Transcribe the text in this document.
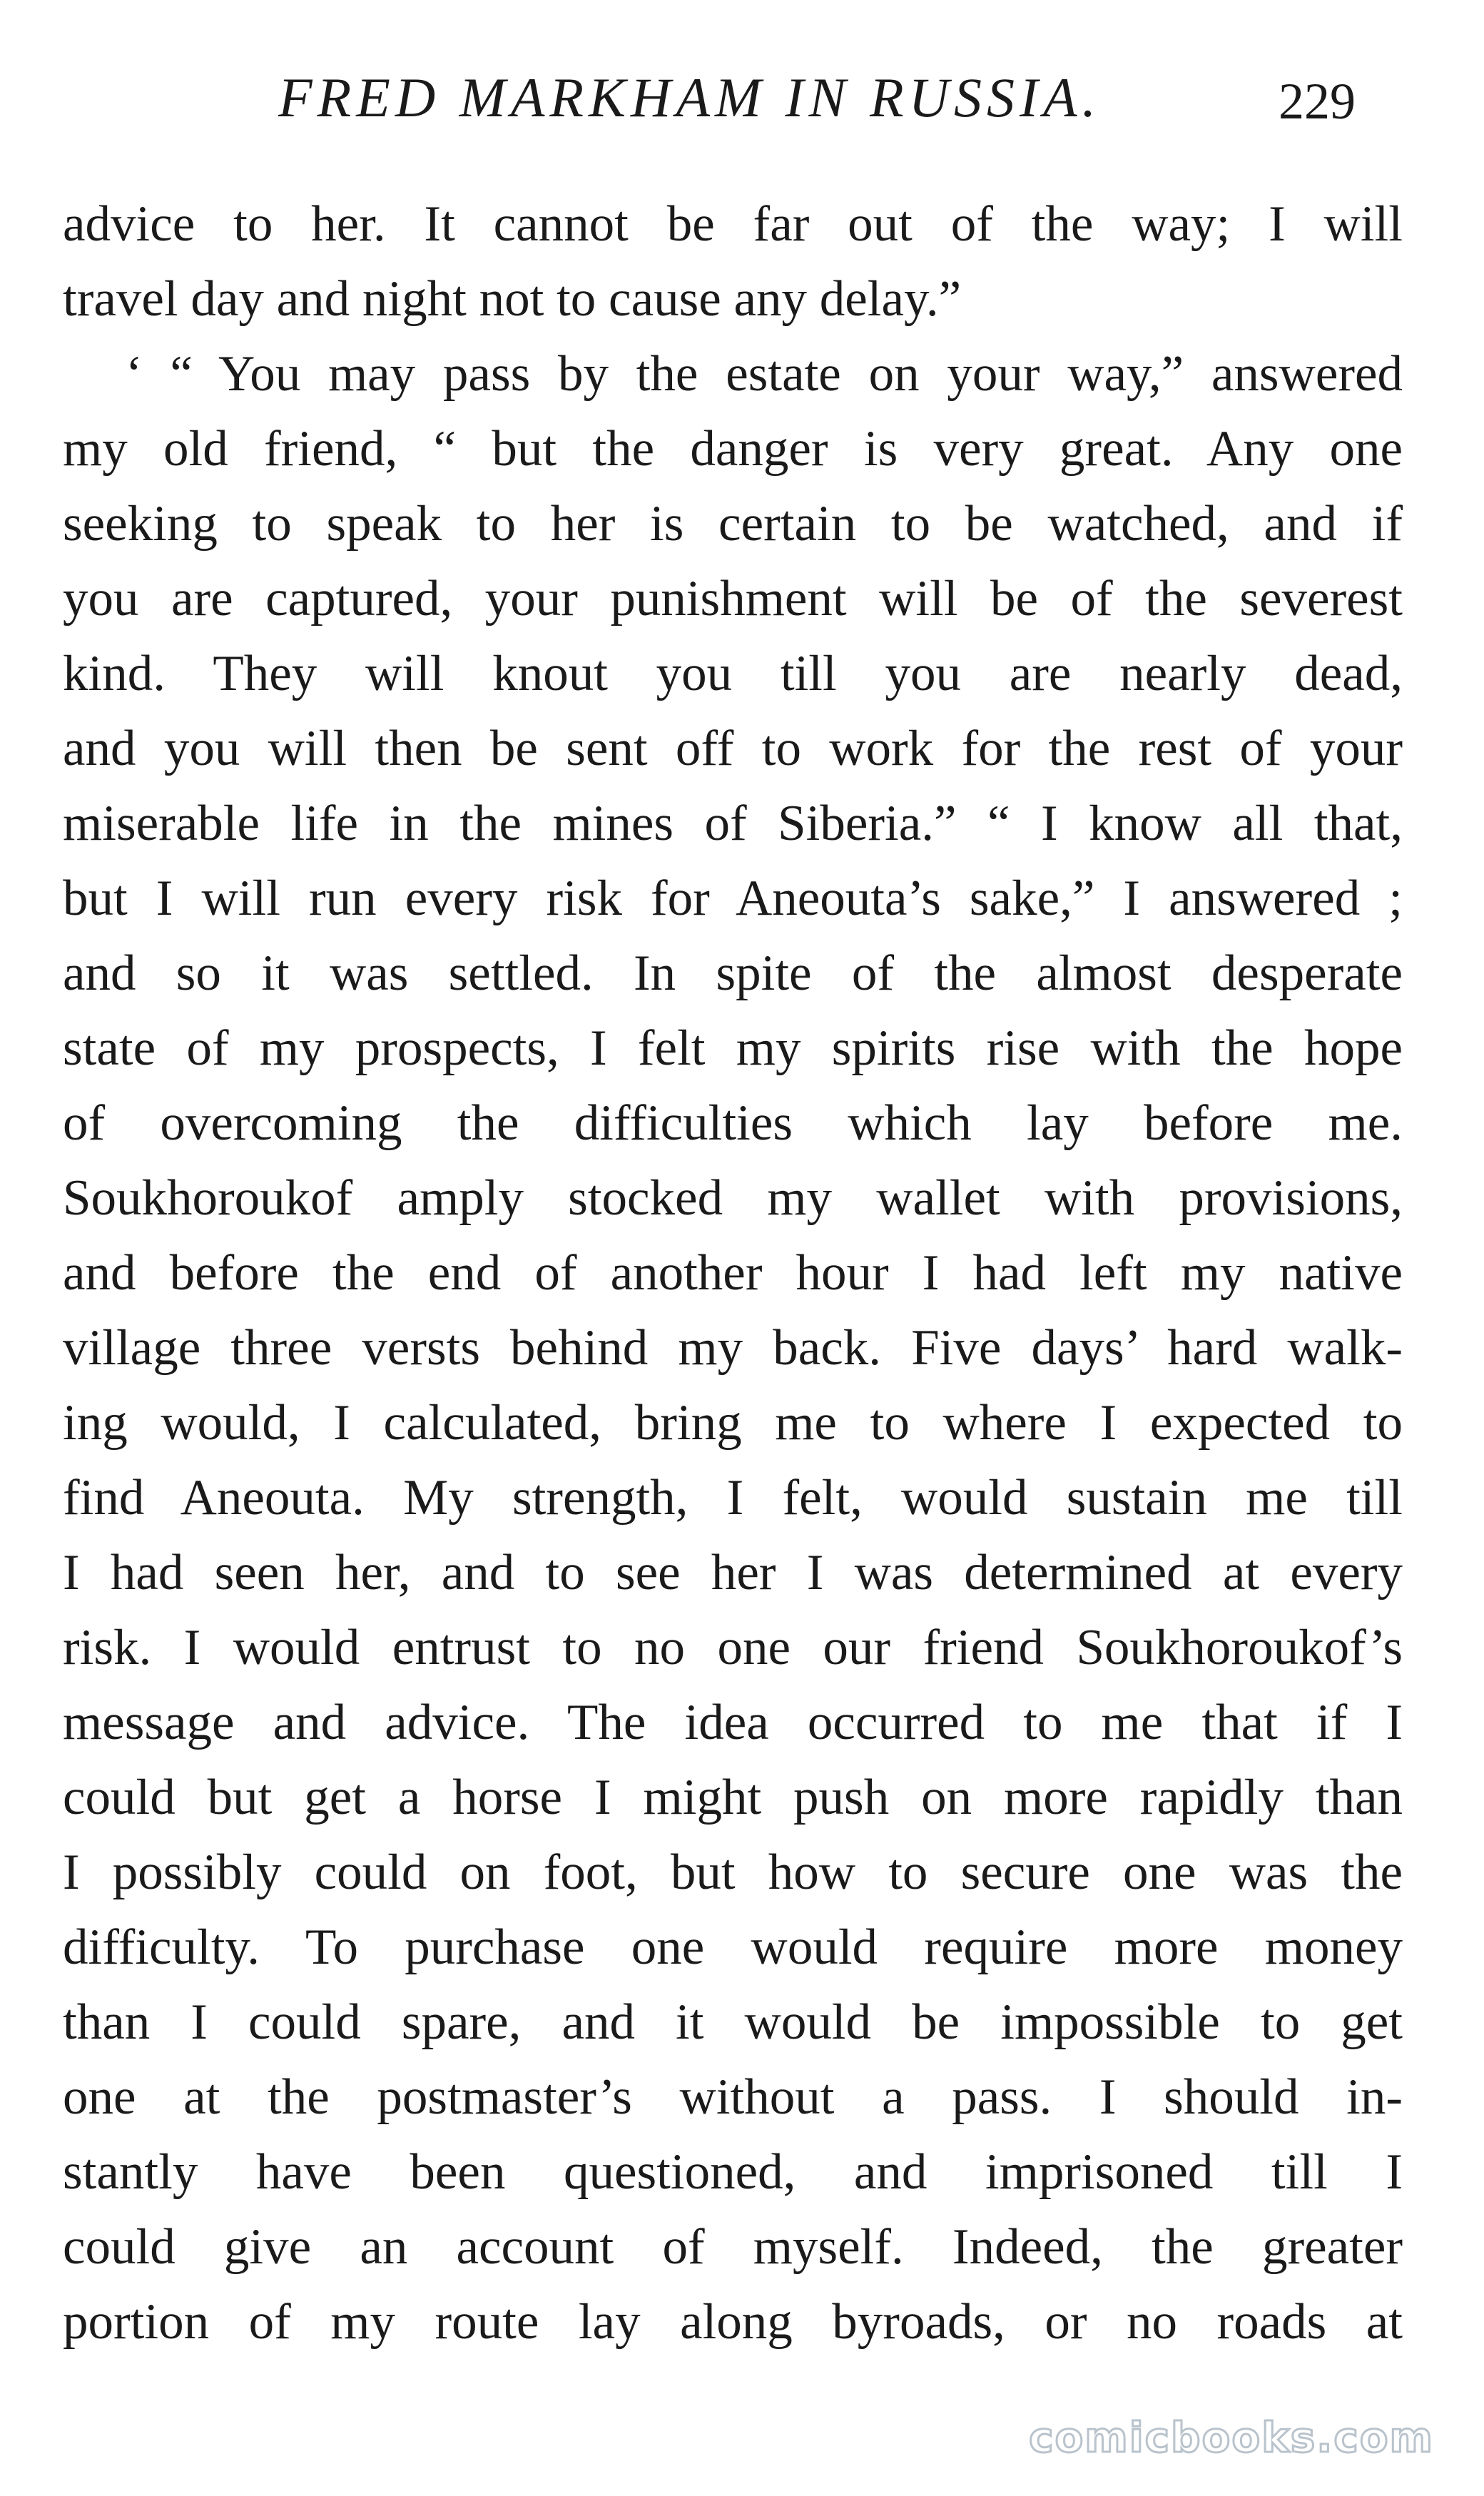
FRED MARKHAM IN RUSSIA.	229
advice to her. It cannot be far out of the way; I will
travel day and night not to cause any delay.”
‘ “ You may pass by the estate on your way,” answered
my old friend, “ but the danger is very great. Any one
seeking to speak to her is certain to be watched, and if
you are captured, your punishment will be of the severest
kind. They will knout you till you are nearly dead,
and you will then be sent off to work for the rest of your
miserable life in the mines of Siberia.” “ I know all that,
but I will run every risk for Aneouta’s sake,” I answered ;
and so it was settled. In spite of the almost desperate
state of my prospects, I felt my spirits rise with the hope
of overcoming the difficulties which lay before me.
Soukhoroukof amply stocked my wallet with provisions,
and before the end of another hour I had left my native
village three versts behind my back. Five days’ hard walk-
ing would, I calculated, bring me to where I expected to
find Aneouta. My strength, I felt, would sustain me till
I had seen her, and to see her I was determined at every
risk. I would entrust to no one our friend Soukhoroukof’s
message and advice. The idea occurred to me that if I
could but get a horse I might push on more rapidly than
I possibly could on foot, but how to secure one was the
difficulty. To purchase one would require more money
than I could spare, and it would be impossible to get
one at the postmaster’s without a pass. I should in-
stantly have been questioned, and imprisoned till I
could give an account of myself. Indeed, the greater
portion of my route lay along byroads, or no roads at
comicbooks.com
